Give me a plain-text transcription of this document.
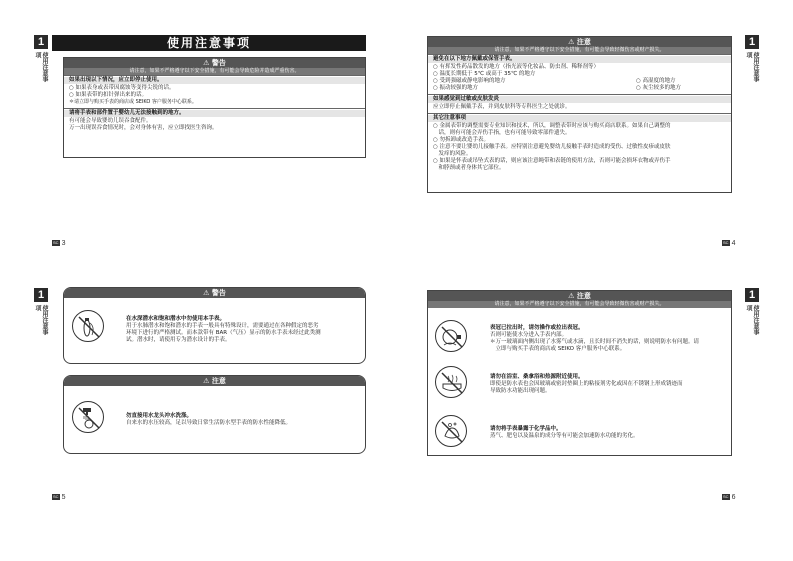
1
使用注意事项
使用注意事项
⚠ 警告
请注意，如果不严格遵守以下安全措施，有可能会导致危险并造成严重伤害。
如果出现以下情况，应立即停止使用。
○ 如果表身或表带因腐蚀等变得尖锐的话。
○ 如果表带的扣针弹出来的话。
＊请立即与购买手表的商店或 SEIKO 客户服务中心联系。
请将手表和部件置于婴幼儿无法接触到的地方。
有可能会导致婴幼儿误吞食配件。
万一出现误吞食情况时，会对身体有害，应立即找医生咨询。
SC 3
1
使用注意事项
⚠ 注意
请注意，如果不严格遵守以下安全措施，有可能会导致轻微伤害或财产损失。
避免在以下地方佩戴或保管手表。
○ 有挥发性药品散发的地方（指光液等化妆品、防虫剂、稀释剂等）
○ 温度长期低于 5℃ 或高于 35℃ 的地方
○ 受到强磁或静电影响的地方
○ 振动较强的地方

○ 高湿度的地方
○ 灰尘较多的地方
如果感觉到过敏或皮肤发炎
应立即停止佩戴手表，并到皮肤科等专科医生之处就诊。
其它注意事项
○ 金属表带的调整需要专业知识和技术，所以，调整表带时应该与购买商店联系。如果自己调整的
　话，则有可能会弄伤手指，也有可能导致零部件遗失。
○ 勿拆卸或改造手表。
○ 注意不要让婴幼儿接触手表。应特别注意避免婴幼儿接触手表时造成的受伤、过敏性皮疹或皮肤
　发痒的风险。
○ 如果是怀表或吊坠式表的话，则应该注意绳带和表链的使用方法，否则可能会损坏衣物或弄伤手
　和脖颈或者身体其它部位。
SC 4
1
使用注意事项
⚠ 警告
在水深潜水和饱和潜水中勿使用本手表。
用于水肺潜水和饱和潜水的手表一般具有特殊设计，需要通过在各种假定的恶劣
环境下进行的严格测试。而本款带有 BAR（气压）显示的防水手表未经过此类测
试。潜水时，请使用专为潜水设计的手表。
⚠ 注意
勿直接用水龙头冲水洗涤。
自来水的水压较高，足以导致日常生活防水型手表的防水性能降低。
SC 5
1
使用注意事项
⚠ 注意
请注意，如果不严格遵守以下安全措施，有可能会导致轻微伤害或财产损失。
表冠已拉出时，请勿操作或拉出表冠。
否则可能使水分进入手表内部。
＊万一玻璃面内侧出现了水雾气或水滴，且长时间不消失的话，则说明防水有问题。请
　立即与购买手表的商店或 SEIKO 客户服务中心联系。
请勿在浴室、桑拿浴和热源附近使用。
即使是防水表也会因玻璃或密封垫圈上的粘接剂劣化或因在不锈钢上形成锈迹而
导致防水功能出现问题。
请勿将手表暴露于化学品中。
蒸气、肥皂以及温泉的成分等有可能会加速防水功能的劣化。
SC 6
